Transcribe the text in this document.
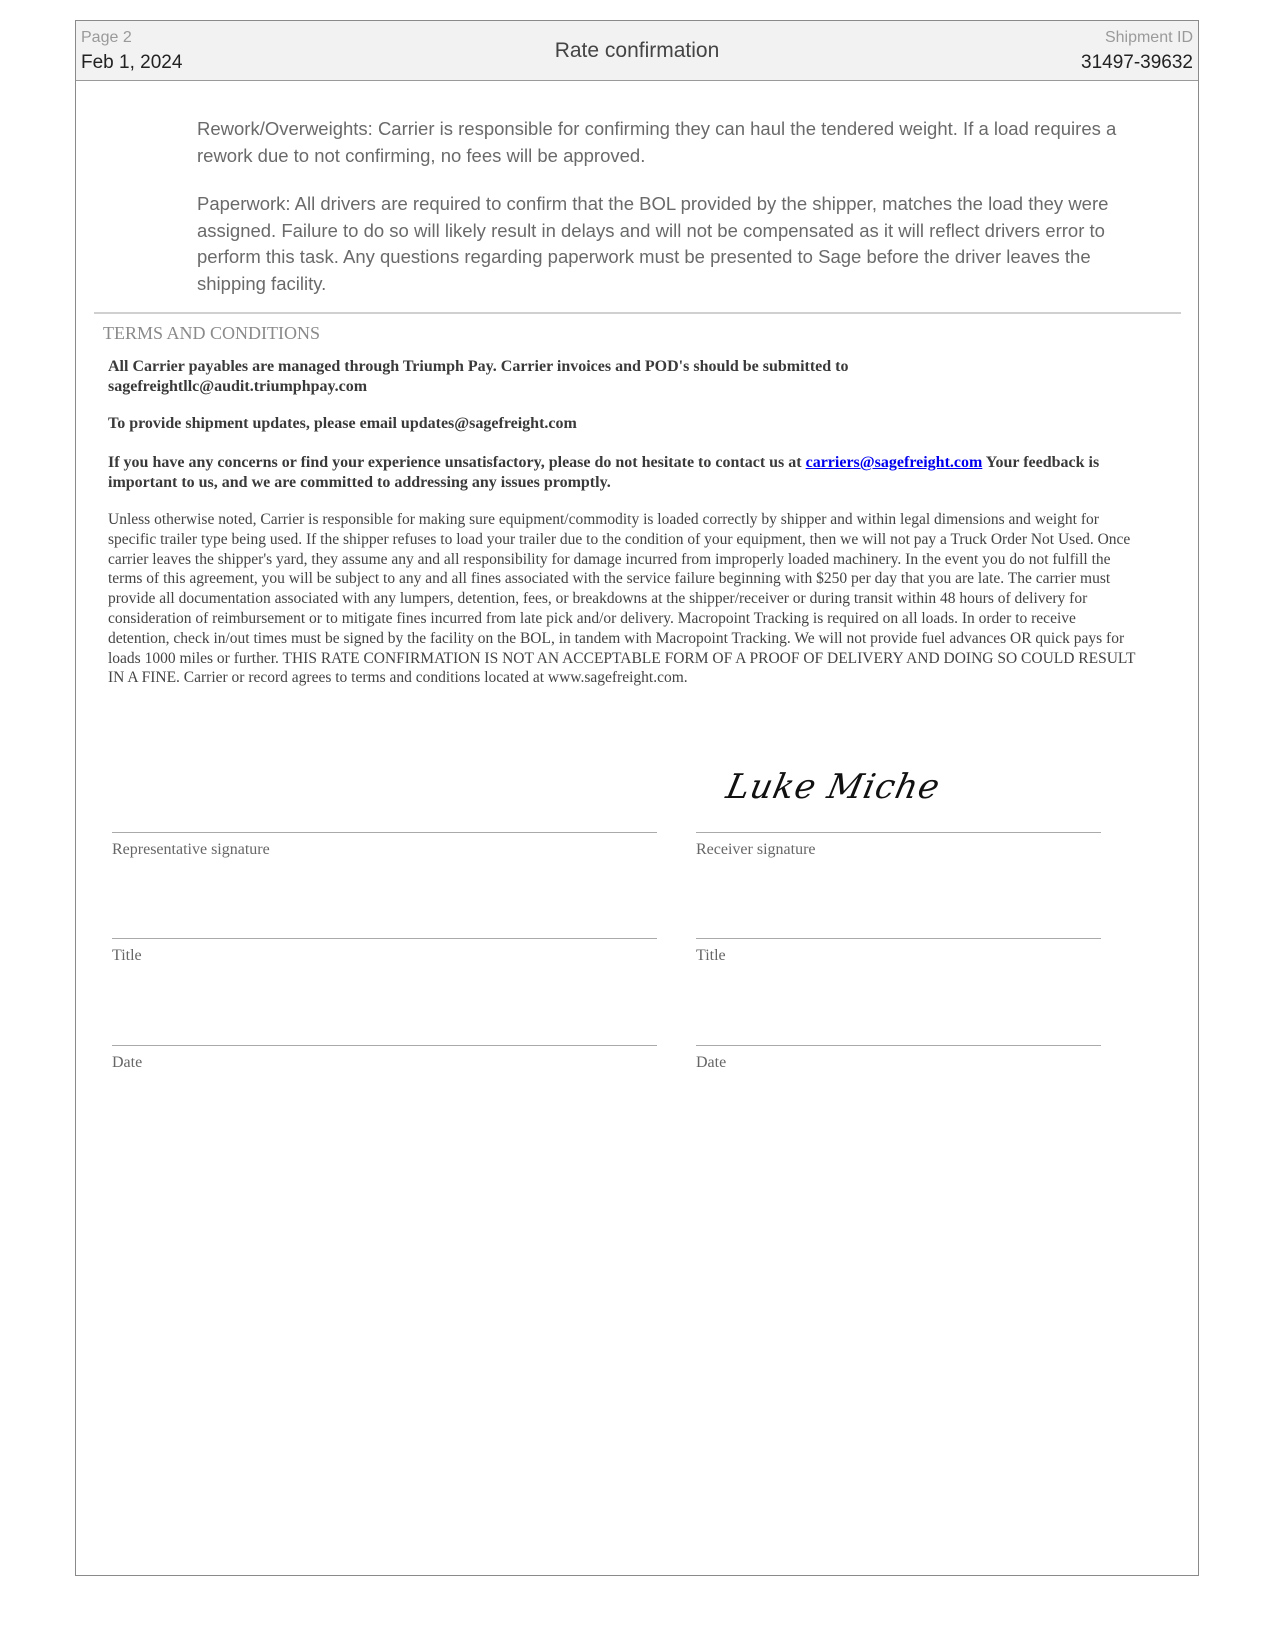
Page 2
Feb 1, 2024
Rate confirmation
Shipment ID
31497-39632

Rework/Overweights: Carrier is responsible for confirming they can haul the tendered weight. If a load requires a rework due to not confirming, no fees will be approved.

Paperwork: All drivers are required to confirm that the BOL provided by the shipper, matches the load they were assigned. Failure to do so will likely result in delays and will not be compensated as it will reflect drivers error to perform this task. Any questions regarding paperwork must be presented to Sage before the driver leaves the shipping facility.

TERMS AND CONDITIONS

All Carrier payables are managed through Triumph Pay. Carrier invoices and POD's should be submitted to sagefreightllc@audit.triumphpay.com

To provide shipment updates, please email updates@sagefreight.com

If you have any concerns or find your experience unsatisfactory, please do not hesitate to contact us at carriers@sagefreight.com Your feedback is important to us, and we are committed to addressing any issues promptly.

Unless otherwise noted, Carrier is responsible for making sure equipment/commodity is loaded correctly by shipper and within legal dimensions and weight for specific trailer type being used. If the shipper refuses to load your trailer due to the condition of your equipment, then we will not pay a Truck Order Not Used. Once carrier leaves the shipper's yard, they assume any and all responsibility for damage incurred from improperly loaded machinery. In the event you do not fulfill the terms of this agreement, you will be subject to any and all fines associated with the service failure beginning with $250 per day that you are late. The carrier must provide all documentation associated with any lumpers, detention, fees, or breakdowns at the shipper/receiver or during transit within 48 hours of delivery for consideration of reimbursement or to mitigate fines incurred from late pick and/or delivery. Macropoint Tracking is required on all loads. In order to receive detention, check in/out times must be signed by the facility on the BOL, in tandem with Macropoint Tracking. We will not provide fuel advances OR quick pays for loads 1000 miles or further. THIS RATE CONFIRMATION IS NOT AN ACCEPTABLE FORM OF A PROOF OF DELIVERY AND DOING SO COULD RESULT IN A FINE. Carrier or record agrees to terms and conditions located at www.sagefreight.com.

Luke Miche
Representative signature	Receiver signature
Title	Title
Date	Date
